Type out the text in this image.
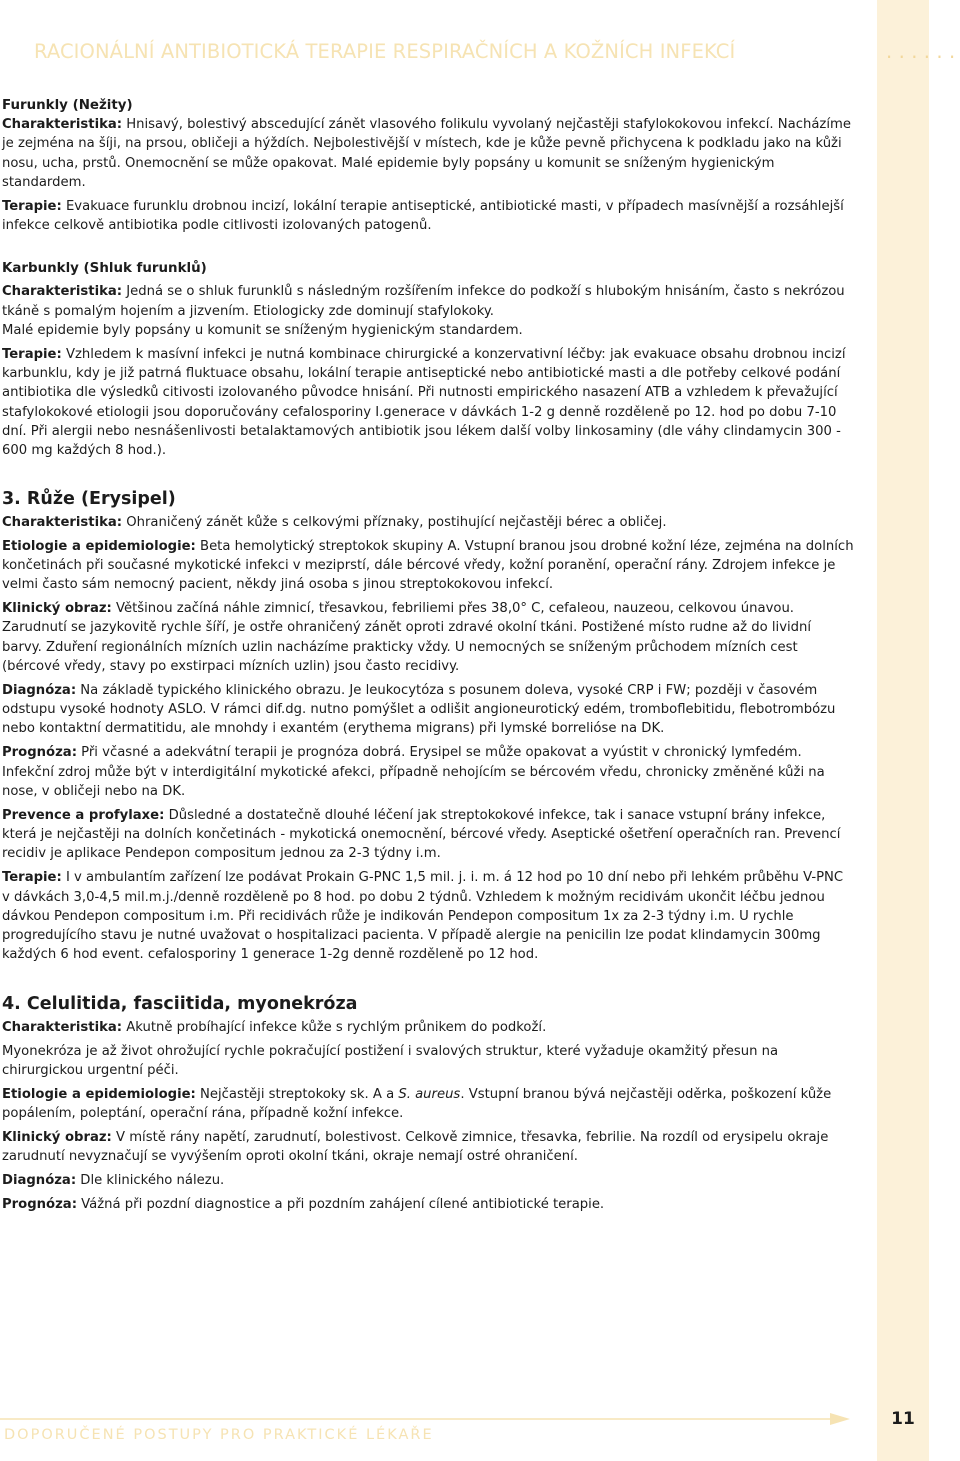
RACIONÁLNÍ ANTIBIOTICKÁ TERAPIE RESPIRAČNÍCH A KOŽNÍCH INFEKCÍ	. . . . . .
Furunkly (Nežity)

Charakteristika: Hnisavý, bolestivý abscedující zánět vlasového folikulu vyvolaný nejčastěji stafylokokovou infekcí. Nacházíme je zejména na šíji, na prsou, obličeji a hýždích. Nejbolestivější v místech, kde je kůže pevně přichycena k podkladu jako na kůži nosu, ucha, prstů. Onemocnění se může opakovat. Malé epidemie byly popsány u komunit se sníženým hygienickým standardem.

Terapie: Evakuace furunklu drobnou incizí, lokální terapie antiseptické, antibiotické masti, v případech masívnější a rozsáhlejší infekce celkově antibiotika podle citlivosti izolovaných patogenů.

Karbunkly (Shluk furunklů)

Charakteristika: Jedná se o shluk furunklů s následným rozšířením infekce do podkoží s hlubokým hnisáním, často s nekrózou tkáně s pomalým hojením a jizvením. Etiologicky zde dominují stafylokoky.

Malé epidemie byly popsány u komunit se sníženým hygienickým standardem.

Terapie: Vzhledem k masívní infekci je nutná kombinace chirurgické a konzervativní léčby: jak evakuace obsahu drobnou incizí karbunklu, kdy je již patrná fluktuace obsahu, lokální terapie antiseptické nebo antibiotické masti a dle potřeby celkové podání antibiotika dle výsledků citivosti izolovaného původce hnisání. Při nutnosti empirického nasazení ATB a vzhledem k převažující stafylokokové etiologii jsou doporučovány cefalosporiny I.generace v dávkách 1-2 g denně rozděleně po 12. hod po dobu 7-10 dní. Při alergii nebo nesnášenlivosti betalaktamových antibiotik jsou lékem další volby linkosaminy (dle váhy clindamycin 300 - 600 mg každých 8 hod.).

3. Růže (Erysipel)

Charakteristika: Ohraničený zánět kůže s celkovými příznaky, postihující nejčastěji bérec a obličej.

Etiologie a epidemiologie: Beta hemolytický streptokok skupiny A. Vstupní branou jsou drobné kožní léze, zejména na dolních končetinách při současné mykotické infekci v meziprstí, dále bércové vředy, kožní poranění, operační rány. Zdrojem infekce je velmi často sám nemocný pacient, někdy jiná osoba s jinou streptokokovou infekcí.

Klinický obraz: Většinou začíná náhle zimnicí, třesavkou, febriliemi přes 38,0° C, cefaleou, nauzeou, celkovou únavou. Zarudnutí se jazykovitě rychle šíří, je ostře ohraničený zánět oproti zdravé okolní tkáni. Postižené místo rudne až do lividní barvy. Zduření regionálních mízních uzlin nacházíme prakticky vždy. U nemocných se sníženým průchodem mízních cest (bércové vředy, stavy po exstirpaci mízních uzlin) jsou často recidivy.

Diagnóza: Na základě typického klinického obrazu. Je leukocytóza s posunem doleva, vysoké CRP i FW; později v časovém odstupu vysoké hodnoty ASLO. V rámci dif.dg. nutno pomýšlet a odlišit angioneurotický edém, tromboflebitidu, flebotrombózu nebo kontaktní dermatitidu, ale mnohdy i exantém (erythema migrans) při lymské borrelióse na DK.

Prognóza: Při včasné a adekvátní terapii je prognóza dobrá. Erysipel se může opakovat a vyústit v chronický lymfedém. Infekční zdroj může být v interdigitální mykotické afekci, případně nehojícím se bércovém vředu, chronicky změněné kůži na nose, v obličeji nebo na DK.

Prevence a profylaxe: Důsledné a dostatečně dlouhé léčení jak streptokokové infekce, tak i sanace vstupní brány infekce, která je nejčastěji na dolních končetinách - mykotická onemocnění, bércové vředy. Aseptické ošetření operačních ran. Prevencí recidiv je aplikace Pendepon compositum jednou za 2-3 týdny i.m.

Terapie: I v ambulantím zařízení lze podávat Prokain G-PNC 1,5 mil. j. i. m. á 12 hod po 10 dní nebo při lehkém průběhu V-PNC v dávkách 3,0-4,5 mil.m.j./denně rozděleně po 8 hod. po dobu 2 týdnů. Vzhledem k možným recidivám ukončit léčbu jednou dávkou Pendepon compositum i.m. Při recidivách růže je indikován Pendepon compositum 1x za 2-3 týdny i.m. U rychle progredujícího stavu je nutné uvažovat o hospitalizaci pacienta. V případě alergie na penicilin lze podat klindamycin 300mg každých 6 hod event. cefalosporiny 1 generace 1-2g denně rozděleně po 12 hod.

4. Celulitida, fasciitida, myonekróza

Charakteristika: Akutně probíhající infekce kůže s rychlým průnikem do podkoží.

Myonekróza je až život ohrožující rychle pokračující postižení i svalových struktur, které vyžaduje okamžitý přesun na chirurgickou urgentní péči.

Etiologie a epidemiologie: Nejčastěji streptokoky sk. A a S. aureus. Vstupní branou bývá nejčastěji oděrka, poškození kůže popálením, poleptání, operační rána, případně kožní infekce.

Klinický obraz: V místě rány napětí, zarudnutí, bolestivost. Celkově zimnice, třesavka, febrilie. Na rozdíl od erysipelu okraje zarudnutí nevyznačují se vyvýšením oproti okolní tkáni, okraje nemají ostré ohraničení.

Diagnóza: Dle klinického nálezu.

Prognóza: Vážná při pozdní diagnostice a při pozdním zahájení cílené antibiotické terapie.

DOPORUČENÉ POSTUPY PRO PRAKTICKÉ LÉKAŘE
11
